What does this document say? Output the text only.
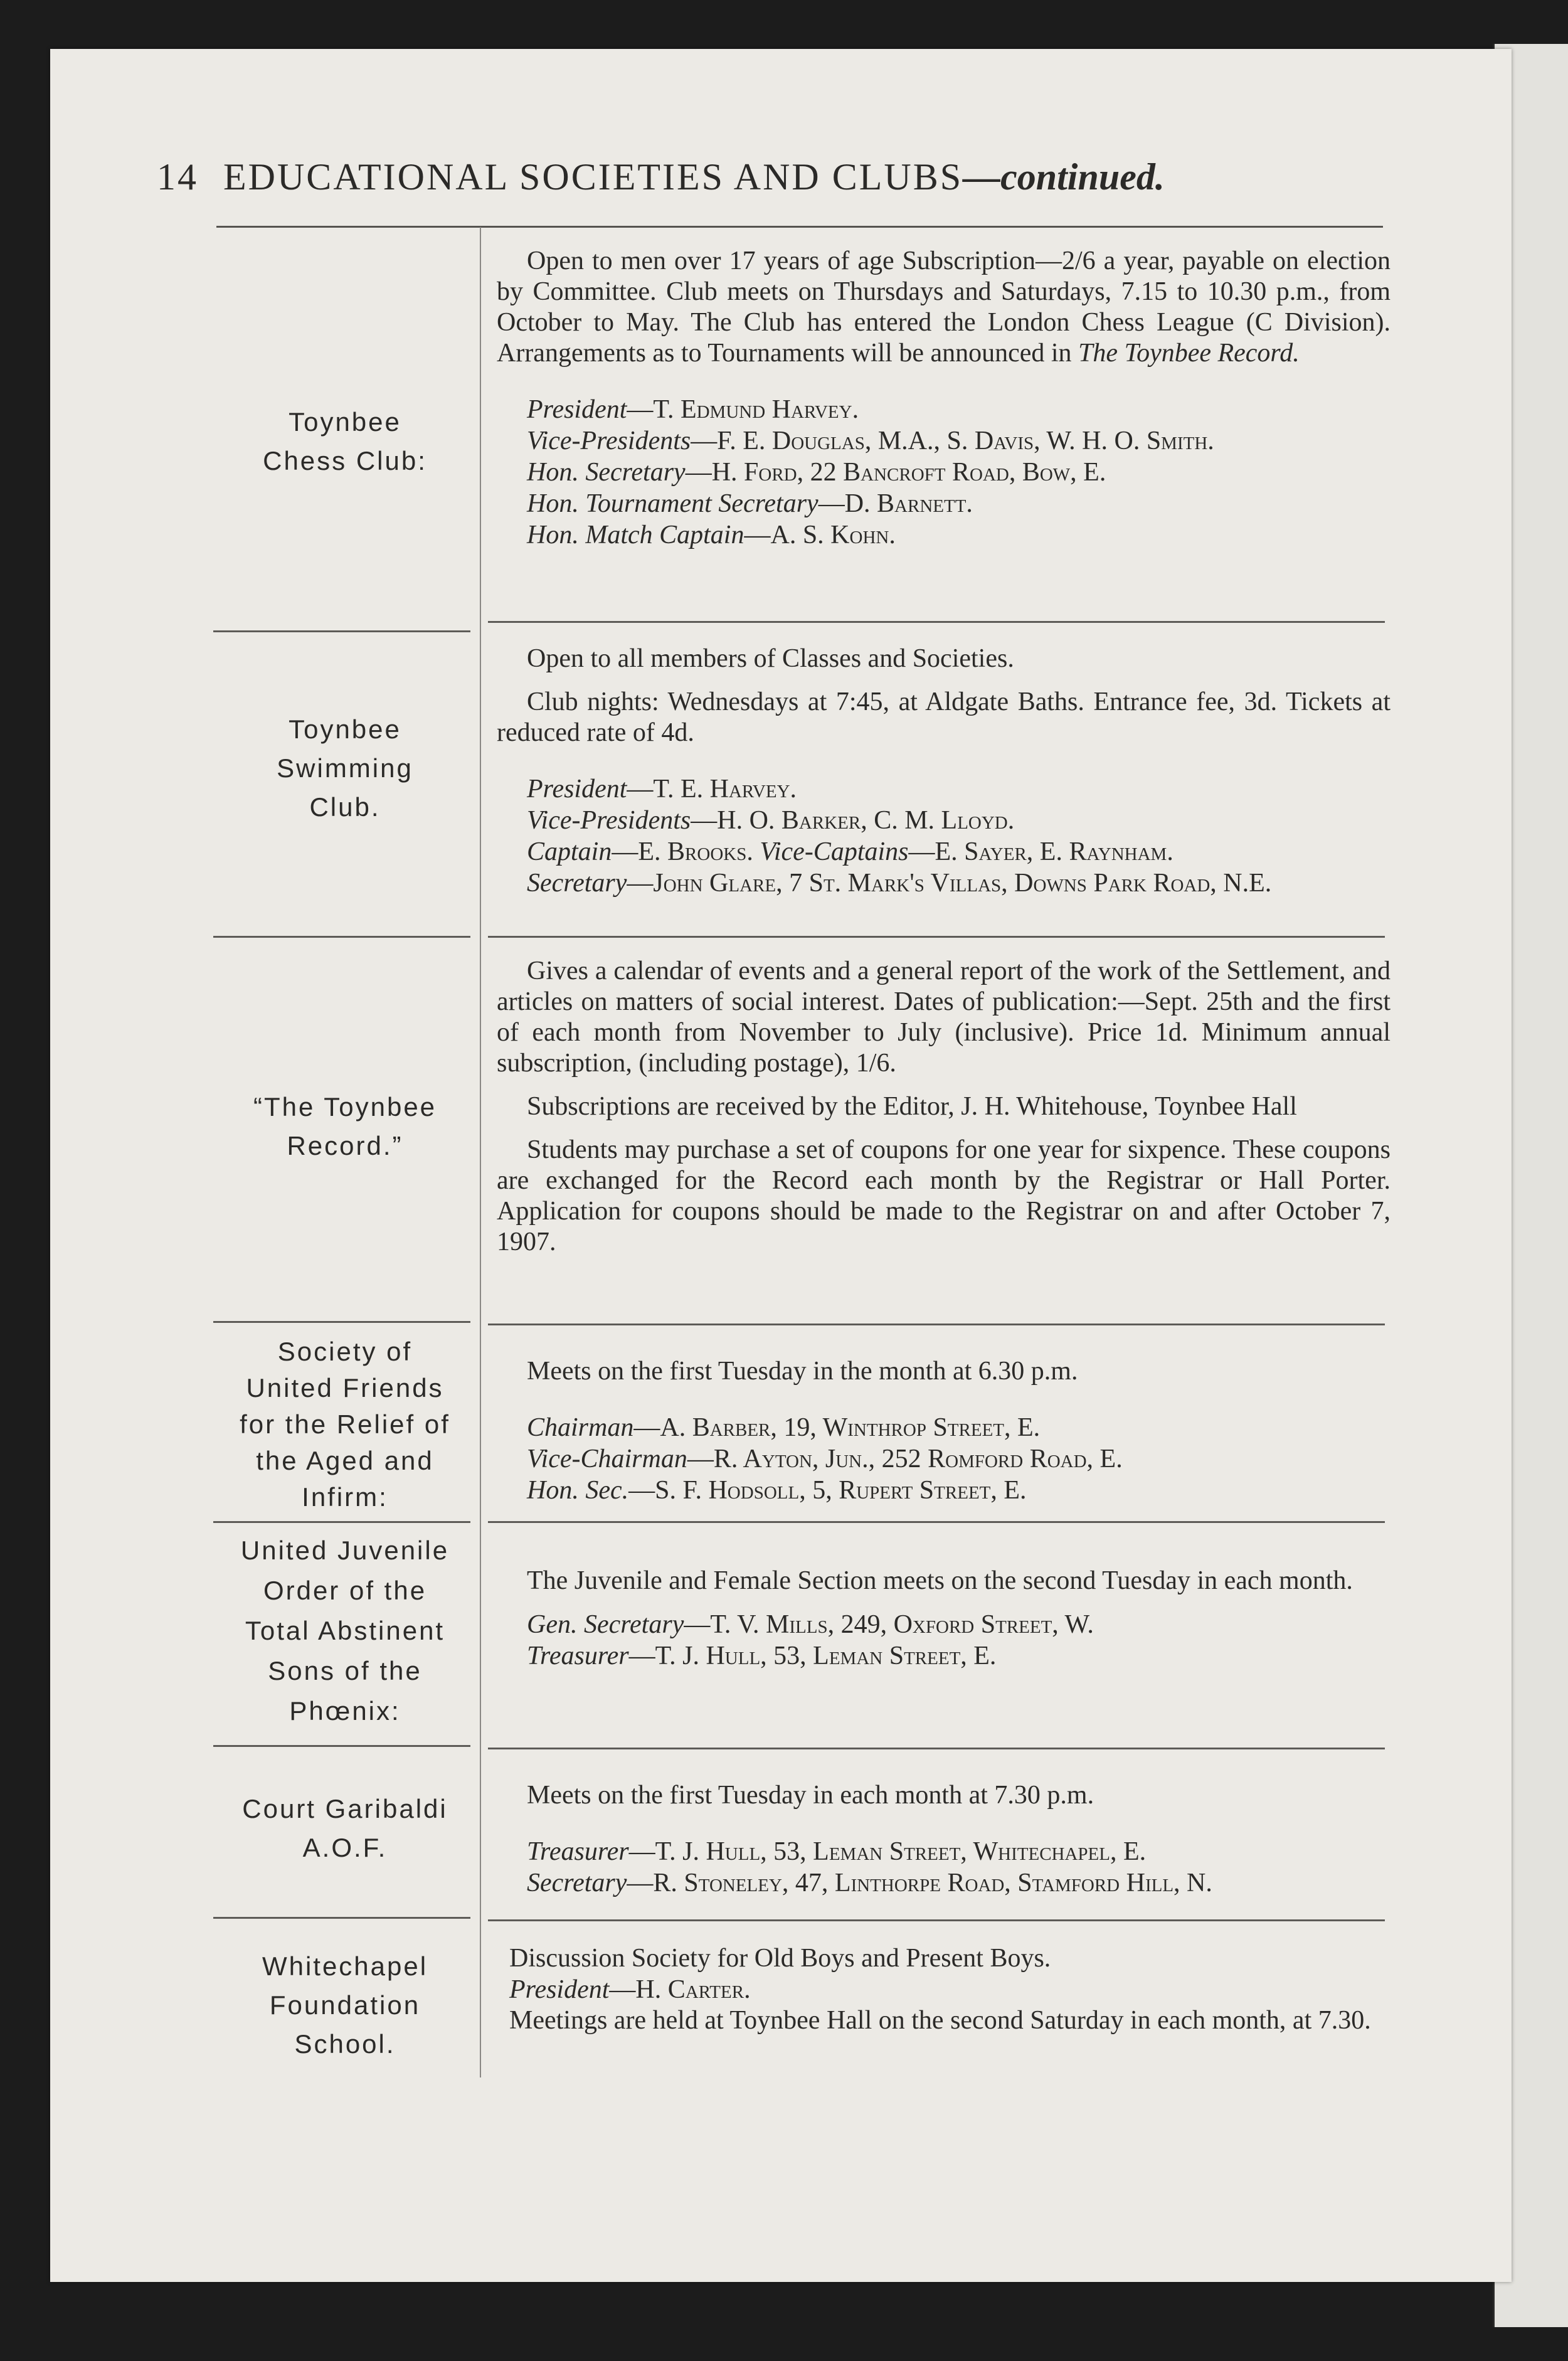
14 EDUCATIONAL SOCIETIES AND CLUBS—continued.
Toynbee
Chess Club:

Open to men over 17 years of age Subscription—2/6 a year, payable on election by Committee. Club meets on Thursdays and Saturdays, 7.15 to 10.30 p.m., from October to May. The Club has entered the London Chess League (C Division). Arrangements as to Tournaments will be announced in The Toynbee Record.

President—T. Edmund Harvey.
Vice-Presidents—F. E. Douglas, M.A., S. Davis, W. H. O. Smith.
Hon. Secretary—H. Ford, 22 Bancroft Road, Bow, E.
Hon. Tournament Secretary—D. Barnett.
Hon. Match Captain—A. S. Kohn.
Toynbee
Swimming
Club.

Open to all members of Classes and Societies.

Club nights: Wednesdays at 7:45, at Aldgate Baths. Entrance fee, 3d. Tickets at reduced rate of 4d.

President—T. E. Harvey.
Vice-Presidents—H. O. Barker, C. M. Lloyd.
Captain—E. Brooks. Vice-Captains—E. Sayer, E. Raynham.
Secretary—John Glare, 7 St. Mark's Villas, Downs Park Road, N.E.
“The Toynbee
Record.”

Gives a calendar of events and a general report of the work of the Settlement, and articles on matters of social interest. Dates of publication:—Sept. 25th and the first of each month from November to July (inclusive). Price 1d. Minimum annual subscription, (including postage), 1/6.

Subscriptions are received by the Editor, J. H. Whitehouse, Toynbee Hall

Students may purchase a set of coupons for one year for sixpence. These coupons are exchanged for the Record each month by the Registrar or Hall Porter. Application for coupons should be made to the Registrar on and after October 7, 1907.

Society of
United Friends
for the Relief of
the Aged and
Infirm:

Meets on the first Tuesday in the month at 6.30 p.m.

Chairman—A. Barber, 19, Winthrop Street, E.
Vice-Chairman—R. Ayton, Jun., 252 Romford Road, E.
Hon. Sec.—S. F. Hodsoll, 5, Rupert Street, E.
United Juvenile
Order of the
Total Abstinent
Sons of the
Phœnix:

The Juvenile and Female Section meets on the second Tuesday in each month.

Gen. Secretary—T. V. Mills, 249, Oxford Street, W.
Treasurer—T. J. Hull, 53, Leman Street, E.
Court Garibaldi
A.O.F.

Meets on the first Tuesday in each month at 7.30 p.m.

Treasurer—T. J. Hull, 53, Leman Street, Whitechapel, E.
Secretary—R. Stoneley, 47, Linthorpe Road, Stamford Hill, N.
Whitechapel
Foundation
School.

Discussion Society for Old Boys and Present Boys.

President—H. Carter.

Meetings are held at Toynbee Hall on the second Saturday in each month, at 7.30.
